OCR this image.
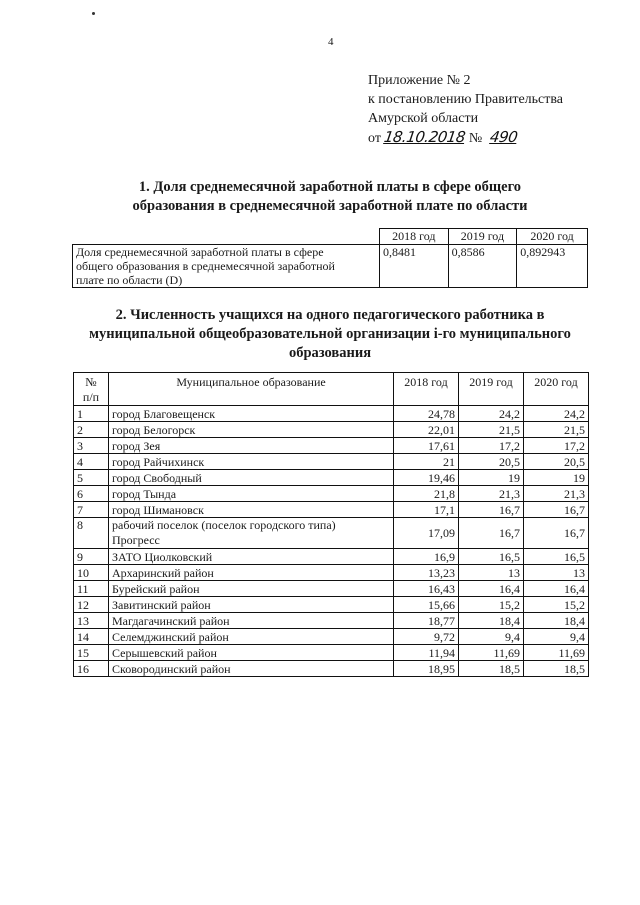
4
Приложение № 2
к постановлению Правительства
Амурской области
от 18.10.2018 № 490
1. Доля среднемесячной заработной платы в сфере общего
образования в среднемесячной заработной плате по области
	2018 год	2019 год	2020 год

Доля среднемесячной заработной платы в сфере
общего образования в среднемесячной заработной
плате по области (D)	0,8481	0,8586	0,892943
2. Численность учащихся на одного педагогического работника в
муниципальной общеобразовательной организации i-го муниципального
образования
№
п/п	Муниципальное образование	2018 год	2019 год	2020 год
1	город Благовещенск	24,78	24,2	24,2
2	город Белогорск	22,01	21,5	21,5
3	город Зея	17,61	17,2	17,2
4	город Райчихинск	21	20,5	20,5
5	город Свободный	19,46	19	19
6	город Тында	21,8	21,3	21,3
7	город Шимановск	17,1	16,7	16,7
8	рабочий поселок (поселок городского типа)
Прогресс	17,09	16,7	16,7
9	ЗАТО Циолковский	16,9	16,5	16,5
10	Архаринский район	13,23	13	13
11	Бурейский район	16,43	16,4	16,4
12	Завитинский район	15,66	15,2	15,2
13	Магдагачинский район	18,77	18,4	18,4
14	Селемджинский район	9,72	9,4	9,4
15	Серышевский район	11,94	11,69	11,69
16	Сковородинский район	18,95	18,5	18,5
